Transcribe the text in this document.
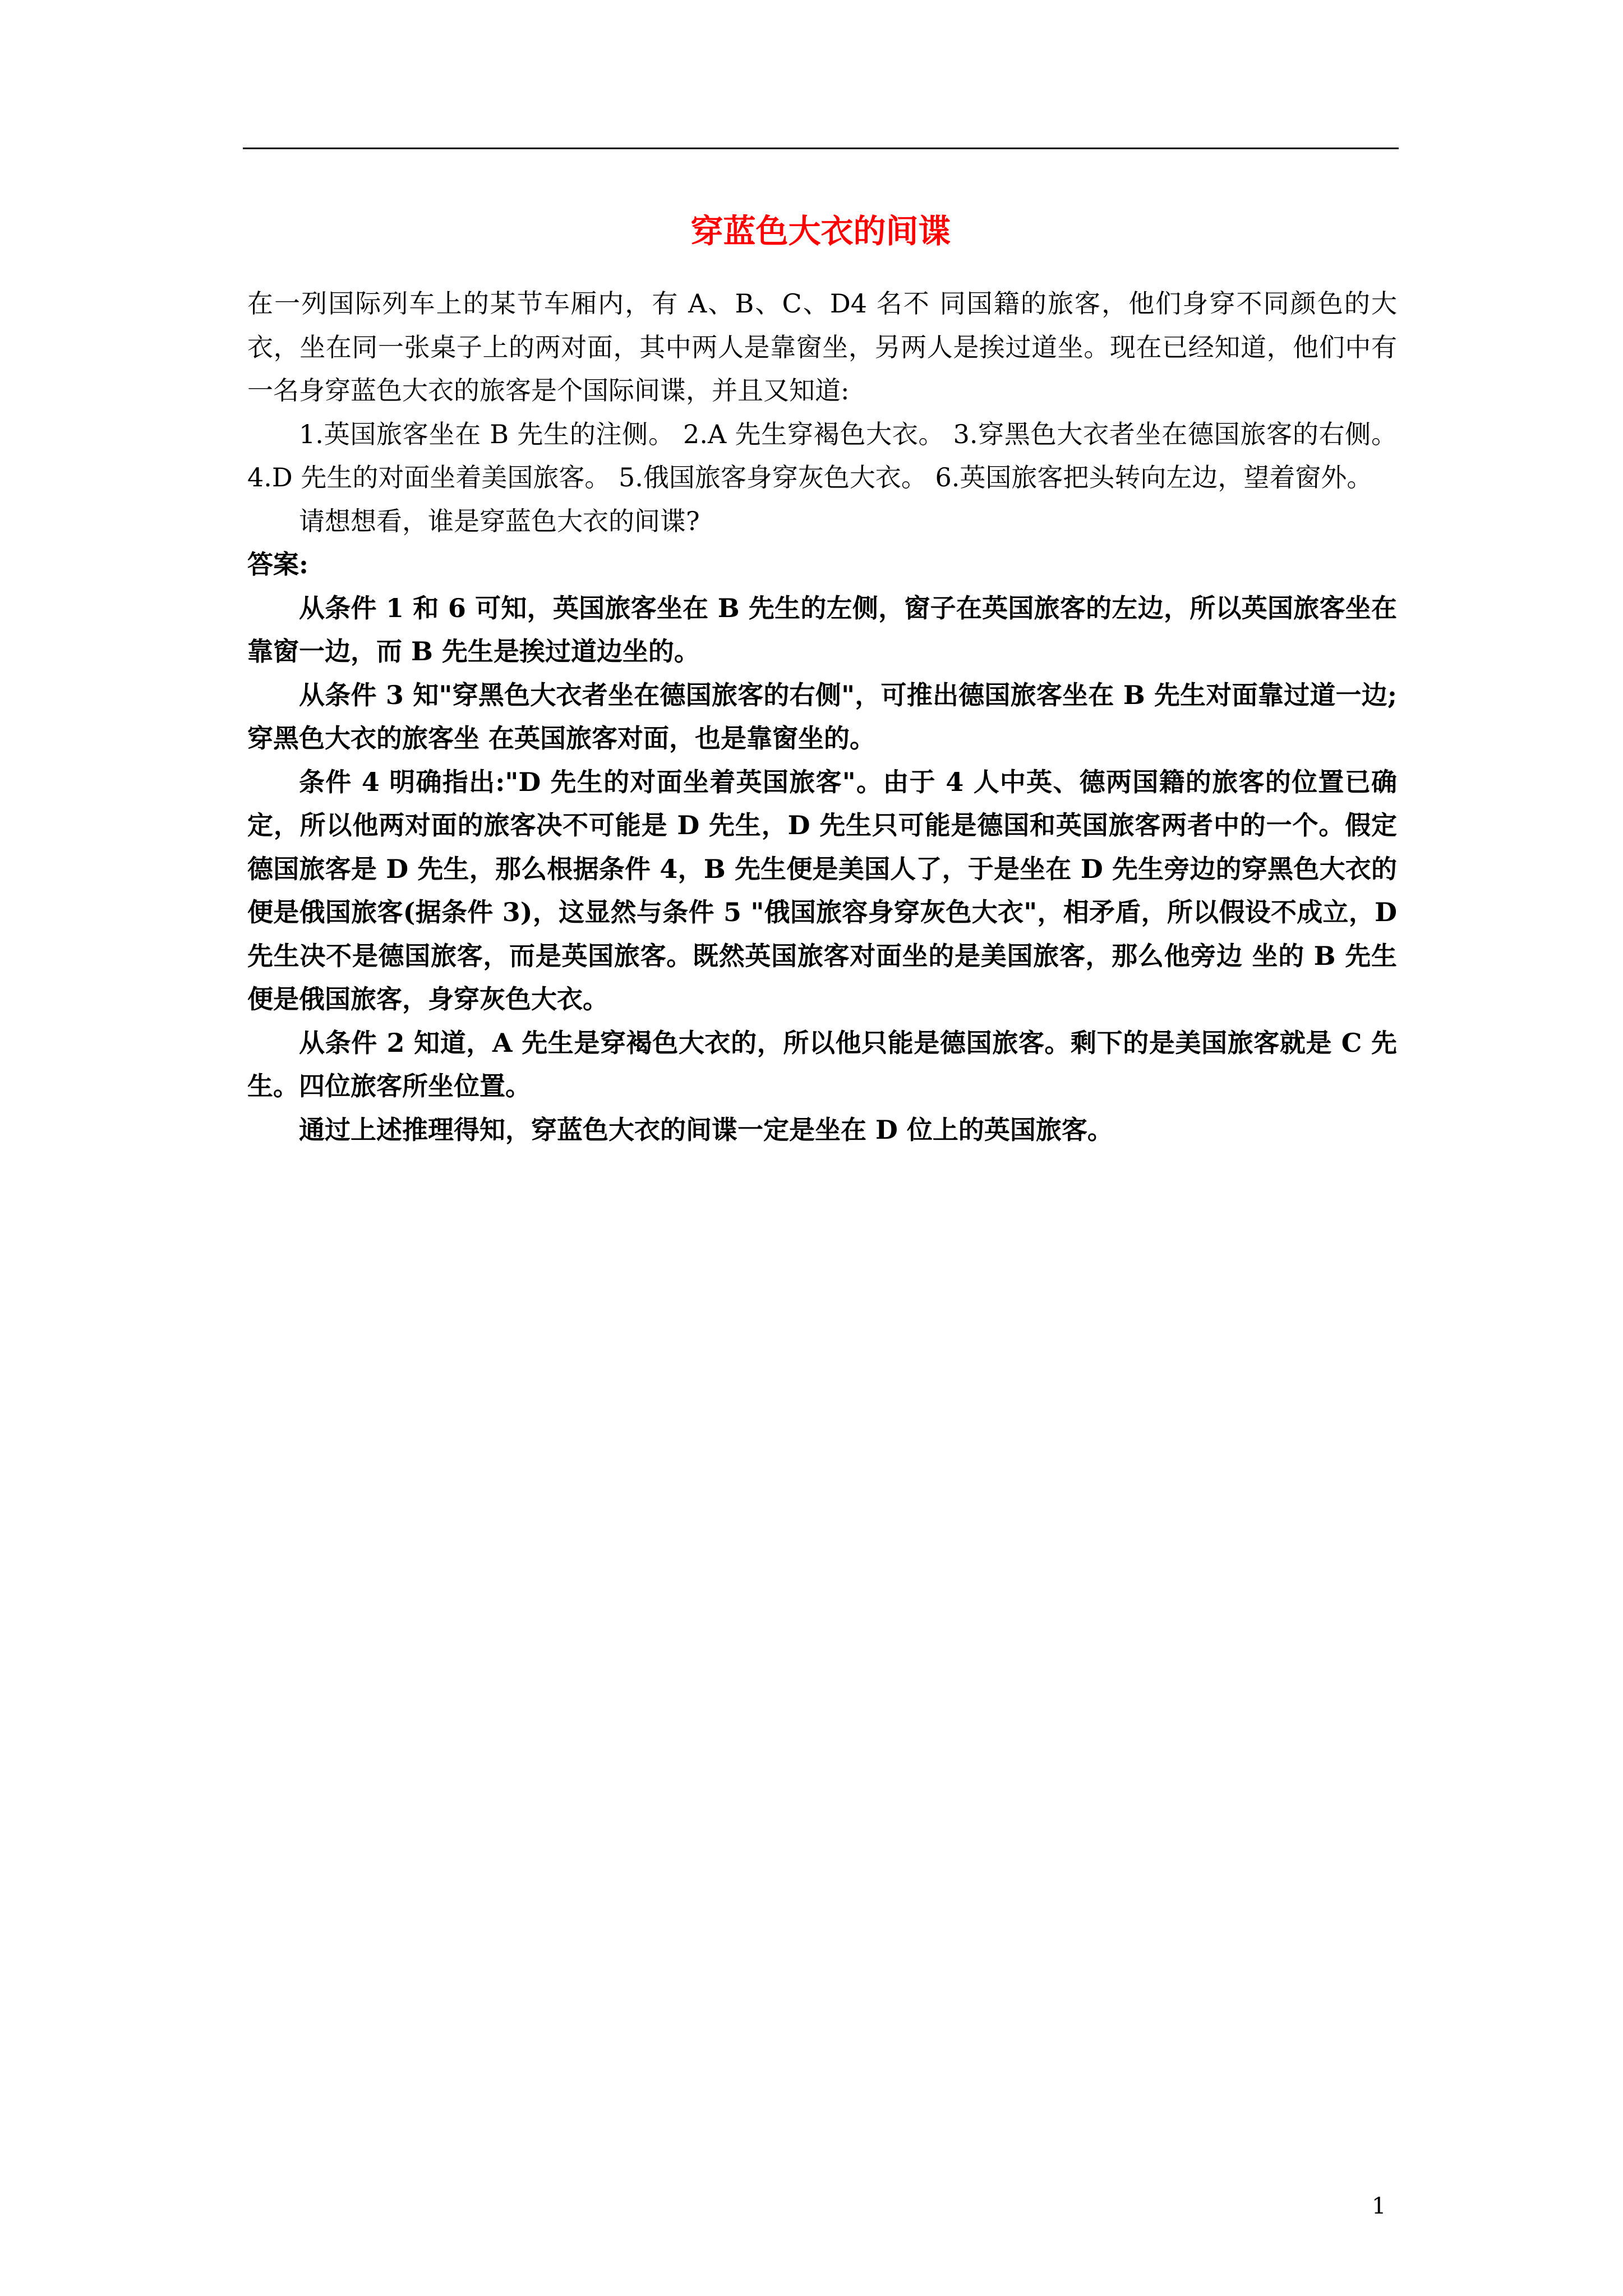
穿蓝色大衣的间谍

在一列国际列车上的某节车厢内，有 A、B、C、D4 名不 同国籍的旅客，他们身穿不同颜色的大衣，坐在同一张桌子上的两对面，其中两人是靠窗坐，另两人是挨过道坐。现在已经知道，他们中有一名身穿蓝色大衣的旅客是个国际间谍，并且又知道:

1.英国旅客坐在 B 先生的注侧。 2.A 先生穿褐色大衣。 3.穿黑色大衣者坐在德国旅客的右侧。 4.D 先生的对面坐着美国旅客。 5.俄国旅客身穿灰色大衣。 6.英国旅客把头转向左边，望着窗外。

请想想看，谁是穿蓝色大衣的间谍?

答案:

从条件 1 和 6 可知，英国旅客坐在 B 先生的左侧，窗子在英国旅客的左边，所以英国旅客坐在靠窗一边，而 B 先生是挨过道边坐的。

从条件 3 知"穿黑色大衣者坐在德国旅客的右侧"，可推出德国旅客坐在 B 先生对面靠过道一边;穿黑色大衣的旅客坐 在英国旅客对面，也是靠窗坐的。

条件 4 明确指出:"D 先生的对面坐着英国旅客"。由于 4 人中英、德两国籍的旅客的位置已确定，所以他两对面的旅客决不可能是 D 先生，D 先生只可能是德国和英国旅客两者中的一个。假定德国旅客是 D 先生，那么根据条件 4，B 先生便是美国人了，于是坐在 D 先生旁边的穿黑色大衣的便是俄国旅客(据条件 3)，这显然与条件 5 "俄国旅容身穿灰色大衣"，相矛盾，所以假设不成立，D 先生决不是德国旅客，而是英国旅客。既然英国旅客对面坐的是美国旅客，那么他旁边 坐的 B 先生便是俄国旅客，身穿灰色大衣。

从条件 2 知道，A 先生是穿褐色大衣的，所以他只能是德国旅客。剩下的是美国旅客就是 C 先生。四位旅客所坐位置。

通过上述推理得知，穿蓝色大衣的间谍一定是坐在 D 位上的英国旅客。

1
